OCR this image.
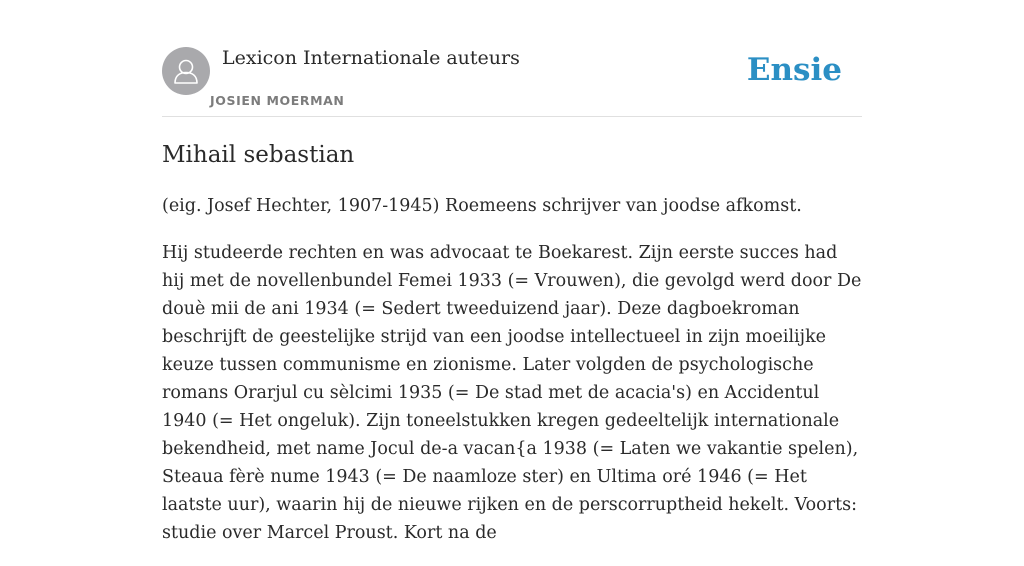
Lexicon Internationale auteurs
JOSIEN MOERMAN
Ensie
Mihail sebastian

(eig. Josef Hechter, 1907-1945) Roemeens schrijver van joodse afkomst.

Hij studeerde rechten en was advocaat te Boekarest. Zijn eerste succes had hij met de novellenbundel Femei 1933 (= Vrouwen), die gevolgd werd door De douè mii de ani 1934 (= Sedert tweeduizend jaar). Deze dagboekroman beschrijft de geestelijke strijd van een joodse intellectueel in zijn moeilijke keuze tussen communisme en zionisme. Later volgden de psychologische romans Orarjul cu sèlcimi 1935 (= De stad met de acacia's) en Accidentul 1940 (= Het ongeluk). Zijn toneelstukken kregen gedeeltelijk internationale bekendheid, met name Jocul de-a vacan{a 1938 (= Laten we vakantie spelen), Steaua fèrè nume 1943 (= De naamloze ster) en Ultima oré 1946 (= Het laatste uur), waarin hij de nieuwe rijken en de perscorruptheid hekelt. Voorts: studie over Marcel Proust. Kort na de
